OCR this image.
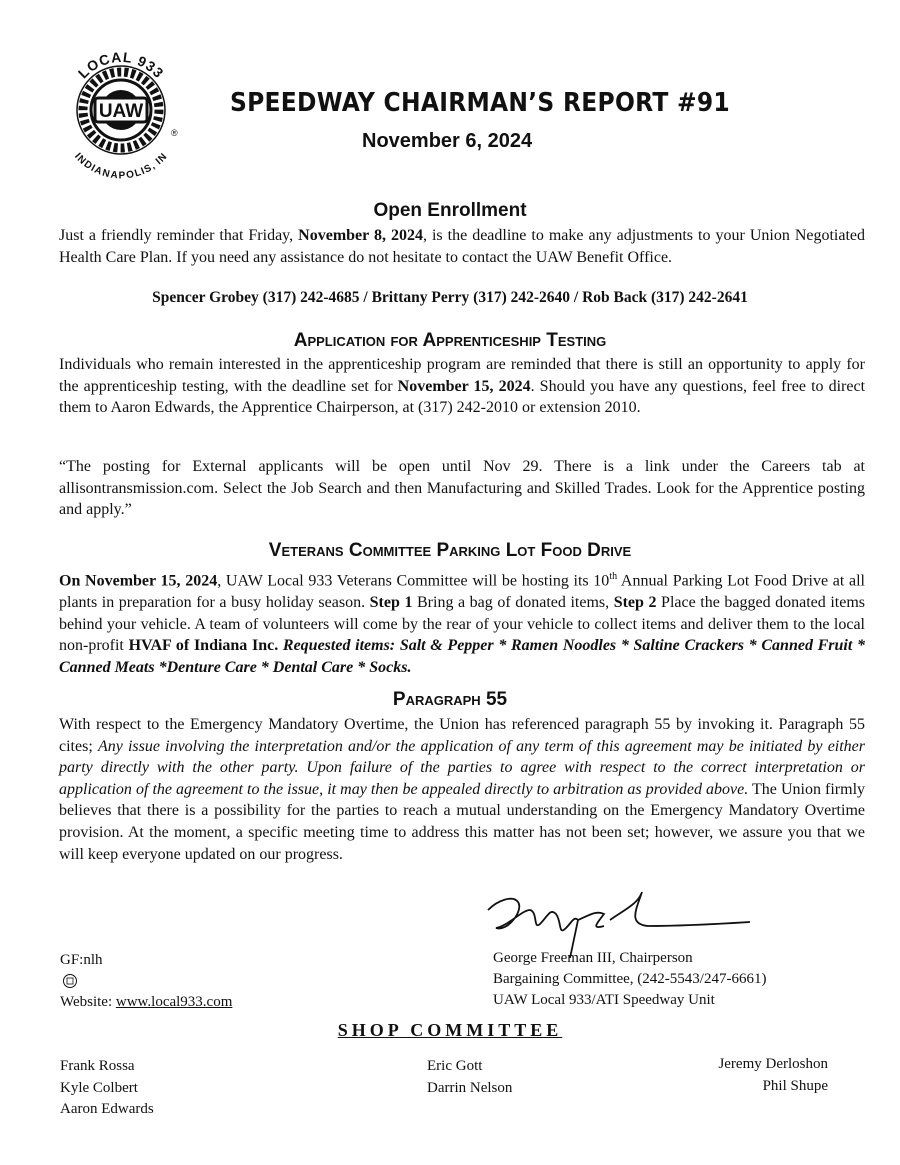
UAW
LOCAL 933
INDIANAPOLIS, IN
®
SPEEDWAY CHAIRMAN’S REPORT #91
November 6, 2024
Open Enrollment
Just a friendly reminder that Friday, November 8, 2024, is the deadline to make any adjustments to your Union Negotiated Health Care Plan. If you need any assistance do not hesitate to contact the UAW Benefit Office.
Spencer Grobey (317) 242-4685 / Brittany Perry (317) 242-2640 / Rob Back (317) 242-2641
Application for Apprenticeship Testing
Individuals who remain interested in the apprenticeship program are reminded that there is still an opportunity to apply for the apprenticeship testing, with the deadline set for November 15, 2024. Should you have any questions, feel free to direct them to Aaron Edwards, the Apprentice Chairperson, at (317) 242-2010 or extension 2010.
“The posting for External applicants will be open until Nov 29. There is a link under the Careers tab at allisontransmission.com. Select the Job Search and then Manufacturing and Skilled Trades. Look for the Apprentice posting and apply.”
Veterans Committee Parking Lot Food Drive
On November 15, 2024, UAW Local 933 Veterans Committee will be hosting its 10th Annual Parking Lot Food Drive at all plants in preparation for a busy holiday season. Step 1 Bring a bag of donated items, Step 2 Place the bagged donated items behind your vehicle. A team of volunteers will come by the rear of your vehicle to collect items and deliver them to the local non-profit HVAF of Indiana Inc. Requested items: Salt & Pepper * Ramen Noodles * Saltine Crackers * Canned Fruit * Canned Meats *Denture Care * Dental Care * Socks.
Paragraph 55
With respect to the Emergency Mandatory Overtime, the Union has referenced paragraph 55 by invoking it. Paragraph 55 cites; Any issue involving the interpretation and/or the application of any term of this agreement may be initiated by either party directly with the other party. Upon failure of the parties to agree with respect to the correct interpretation or application of the agreement to the issue, it may then be appealed directly to arbitration as provided above. The Union firmly believes that there is a possibility for the parties to reach a mutual understanding on the Emergency Mandatory Overtime provision. At the moment, a specific meeting time to address this matter has not been set; however, we assure you that we will keep everyone updated on our progress.
GF:nlh
Website: www.local933.com
George Freeman III, Chairperson
Bargaining Committee, (242-5543/247-6661)
UAW Local 933/ATI Speedway Unit
SHOP COMMITTEE
Frank Rossa
Kyle Colbert
Aaron Edwards
Eric Gott
Darrin Nelson
Jeremy Derloshon
Phil Shupe
